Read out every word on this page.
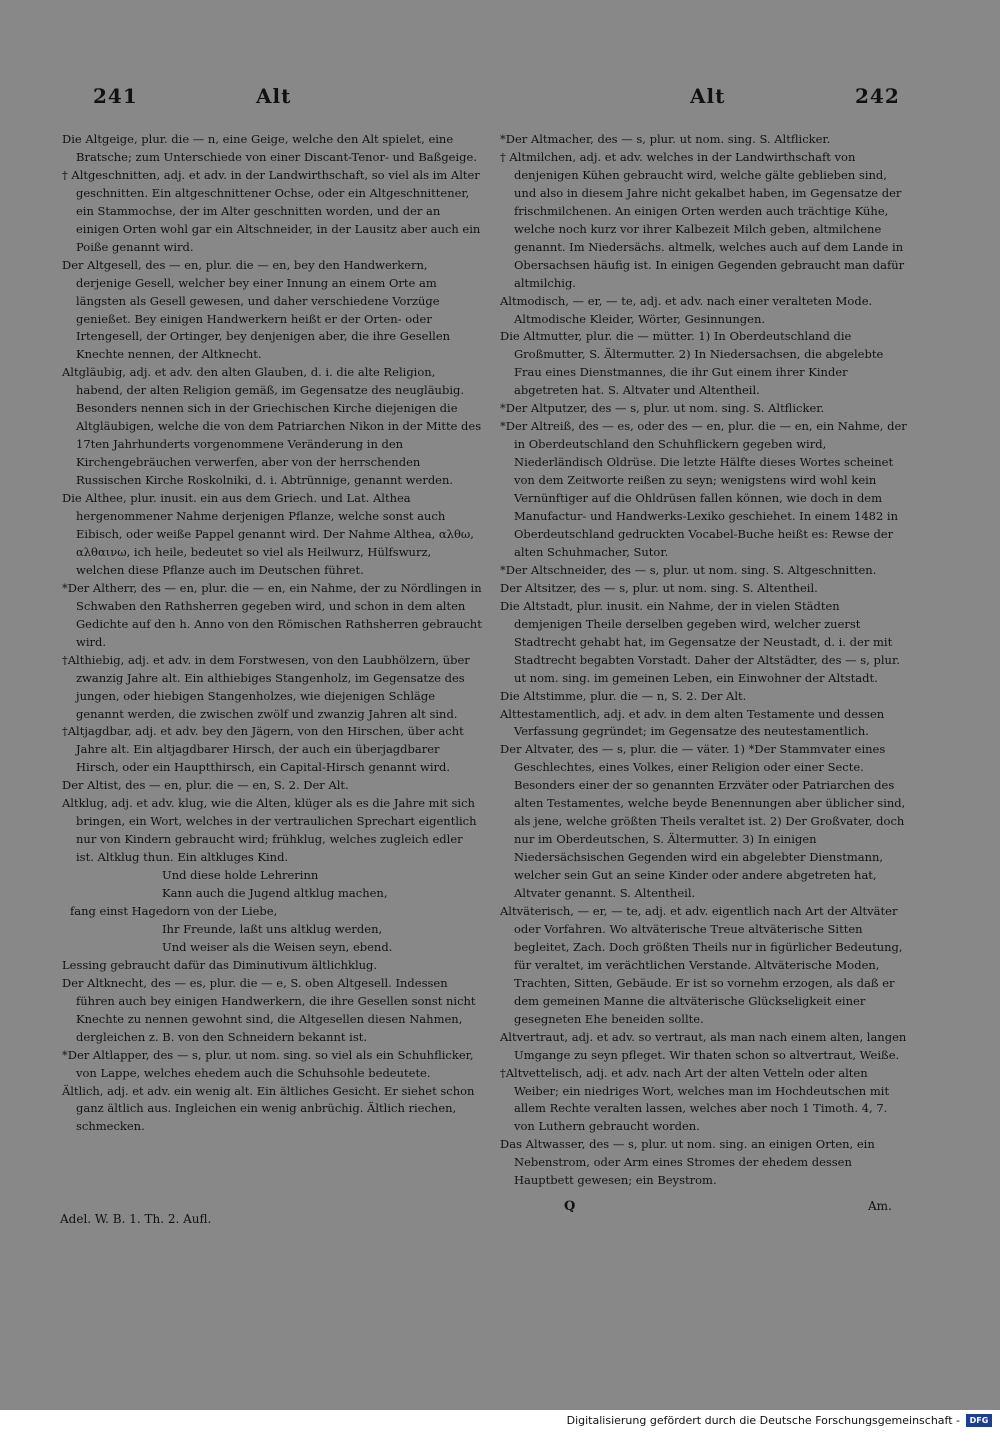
241	Alt	Alt	242

Die Altgeige, plur. die — n, eine Geige, welche den Alt spielet, eine Bratsche; zum Unterschiede von einer Discant-Tenor- und Baßgeige.

† Altgeschnitten, adj. et adv. in der Landwirthschaft, so viel als im Alter geschnitten. Ein altgeschnittener Ochse, oder ein Altgeschnittener, ein Stammochse, der im Alter geschnitten worden, und der an einigen Orten wohl gar ein Altschneider, in der Lausitz aber auch ein Poiße genannt wird.

Der Altgesell, des — en, plur. die — en, bey den Handwerkern, derjenige Gesell, welcher bey einer Innung an einem Orte am längsten als Gesell gewesen, und daher verschiedene Vorzüge genießet. Bey einigen Handwerkern heißt er der Orten- oder Irtengesell, der Ortinger, bey denjenigen aber, die ihre Gesellen Knechte nennen, der Altknecht.

Altgläubig, adj. et adv. den alten Glauben, d. i. die alte Religion, habend, der alten Religion gemäß, im Gegensatze des neugläubig. Besonders nennen sich in der Griechischen Kirche diejenigen die Altgläubigen, welche die von dem Patriarchen Nikon in der Mitte des 17ten Jahrhunderts vorgenommene Veränderung in den Kirchengebräuchen verwerfen, aber von der herrschenden Russischen Kirche Roskolniki, d. i. Abtrünnige, genannt werden.

Die Althee, plur. inusit. ein aus dem Griech. und Lat. Althea hergenommener Nahme derjenigen Pflanze, welche sonst auch Eibisch, oder weiße Pappel genannt wird. Der Nahme Althea, αλθω, αλθαινω, ich heile, bedeutet so viel als Heilwurz, Hülfswurz, welchen diese Pflanze auch im Deutschen führet.

*Der Altherr, des — en, plur. die — en, ein Nahme, der zu Nördlingen in Schwaben den Rathsherren gegeben wird, und schon in dem alten Gedichte auf den h. Anno von den Römischen Rathsherren gebraucht wird.

†Althiebig, adj. et adv. in dem Forstwesen, von den Laubhölzern, über zwanzig Jahre alt. Ein althiebiges Stangenholz, im Gegensatze des jungen, oder hiebigen Stangenholzes, wie diejenigen Schläge genannt werden, die zwischen zwölf und zwanzig Jahren alt sind.

†Altjagdbar, adj. et adv. bey den Jägern, von den Hirschen, über acht Jahre alt. Ein altjagdbarer Hirsch, der auch ein überjagdbarer Hirsch, oder ein Hauptthirsch, ein Capital-Hirsch genannt wird.

Der Altist, des — en, plur. die — en, S. 2. Der Alt.

Altklug, adj. et adv. klug, wie die Alten, klüger als es die Jahre mit sich bringen, ein Wort, welches in der vertraulichen Sprechart eigentlich nur von Kindern gebraucht wird; frühklug, welches zugleich edler ist. Altklug thun. Ein altkluges Kind.

Und diese holde Lehrerinn

Kann auch die Jugend altklug machen,

fang einst Hagedorn von der Liebe,

Ihr Freunde, laßt uns altklug werden,

Und weiser als die Weisen seyn, ebend.

Lessing gebraucht dafür das Diminutivum ältlichklug.

Der Altknecht, des — es, plur. die — e, S. oben Altgesell. Indessen führen auch bey einigen Handwerkern, die ihre Gesellen sonst nicht Knechte zu nennen gewohnt sind, die Altgesellen diesen Nahmen, dergleichen z. B. von den Schneidern bekannt ist.

*Der Altlapper, des — s, plur. ut nom. sing. so viel als ein Schuhflicker, von Lappe, welches ehedem auch die Schuhsohle bedeutete.

Ältlich, adj. et adv. ein wenig alt. Ein ältliches Gesicht. Er siehet schon ganz ältlich aus. Ingleichen ein wenig anbrüchig. Ältlich riechen, schmecken.

*Der Altmacher, des — s, plur. ut nom. sing. S. Altflicker.

† Altmilchen, adj. et adv. welches in der Landwirthschaft von denjenigen Kühen gebraucht wird, welche gälte geblieben sind, und also in diesem Jahre nicht gekalbet haben, im Gegensatze der frischmilchenen. An einigen Orten werden auch trächtige Kühe, welche noch kurz vor ihrer Kalbezeit Milch geben, altmilchene genannt. Im Niedersächs. altmelk, welches auch auf dem Lande in Obersachsen häufig ist. In einigen Gegenden gebraucht man dafür altmilchig.

Altmodisch, — er, — te, adj. et adv. nach einer veralteten Mode. Altmodische Kleider, Wörter, Gesinnungen.

Die Altmutter, plur. die — mütter. 1) In Oberdeutschland die Großmutter, S. Ältermutter. 2) In Niedersachsen, die abgelebte Frau eines Dienstmannes, die ihr Gut einem ihrer Kinder abgetreten hat. S. Altvater und Altentheil.

*Der Altputzer, des — s, plur. ut nom. sing. S. Altflicker.

*Der Altreiß, des — es, oder des — en, plur. die — en, ein Nahme, der in Oberdeutschland den Schuhflickern gegeben wird, Niederländisch Oldrüse. Die letzte Hälfte dieses Wortes scheinet von dem Zeitworte reißen zu seyn; wenigstens wird wohl kein Vernünftiger auf die Ohldrüsen fallen können, wie doch in dem Manufactur- und Handwerks-Lexiko geschiehet. In einem 1482 in Oberdeutschland gedruckten Vocabel-Buche heißt es: Rewse der alten Schuhmacher, Sutor.

*Der Altschneider, des — s, plur. ut nom. sing. S. Altgeschnitten.

Der Altsitzer, des — s, plur. ut nom. sing. S. Altentheil.

Die Altstadt, plur. inusit. ein Nahme, der in vielen Städten demjenigen Theile derselben gegeben wird, welcher zuerst Stadtrecht gehabt hat, im Gegensatze der Neustadt, d. i. der mit Stadtrecht begabten Vorstadt. Daher der Altstädter, des — s, plur. ut nom. sing. im gemeinen Leben, ein Einwohner der Altstadt.

Die Altstimme, plur. die — n, S. 2. Der Alt.

Alttestamentlich, adj. et adv. in dem alten Testamente und dessen Verfassung gegründet; im Gegensatze des neutestamentlich.

Der Altvater, des — s, plur. die — väter. 1) *Der Stammvater eines Geschlechtes, eines Volkes, einer Religion oder einer Secte. Besonders einer der so genannten Erzväter oder Patriarchen des alten Testamentes, welche beyde Benennungen aber üblicher sind, als jene, welche größten Theils veraltet ist. 2) Der Großvater, doch nur im Oberdeutschen, S. Ältermutter. 3) In einigen Niedersächsischen Gegenden wird ein abgelebter Dienstmann, welcher sein Gut an seine Kinder oder andere abgetreten hat, Altvater genannt. S. Altentheil.

Altväterisch, — er, — te, adj. et adv. eigentlich nach Art der Altväter oder Vorfahren. Wo altväterische Treue altväterische Sitten begleitet, Zach. Doch größten Theils nur in figürlicher Bedeutung, für veraltet, im verächtlichen Verstande. Altväterische Moden, Trachten, Sitten, Gebäude. Er ist so vornehm erzogen, als daß er dem gemeinen Manne die altväterische Glückseligkeit einer gesegneten Ehe beneiden sollte.

Altvertraut, adj. et adv. so vertraut, als man nach einem alten, langen Umgange zu seyn pfleget. Wir thaten schon so altvertraut, Weiße.

†Altvettelisch, adj. et adv. nach Art der alten Vetteln oder alten Weiber; ein niedriges Wort, welches man im Hochdeutschen mit allem Rechte veralten lassen, welches aber noch 1 Timoth. 4, 7. von Luthern gebraucht worden.

Das Altwasser, des — s, plur. ut nom. sing. an einigen Orten, ein Nebenstrom, oder Arm eines Stromes der ehedem dessen Hauptbett gewesen; ein Beystrom.

Adel. W. B. 1. Th. 2. Aufl.
Q	Am.
Digitalisierung gefördert durch die Deutsche Forschungsgemeinschaft -	DFG
